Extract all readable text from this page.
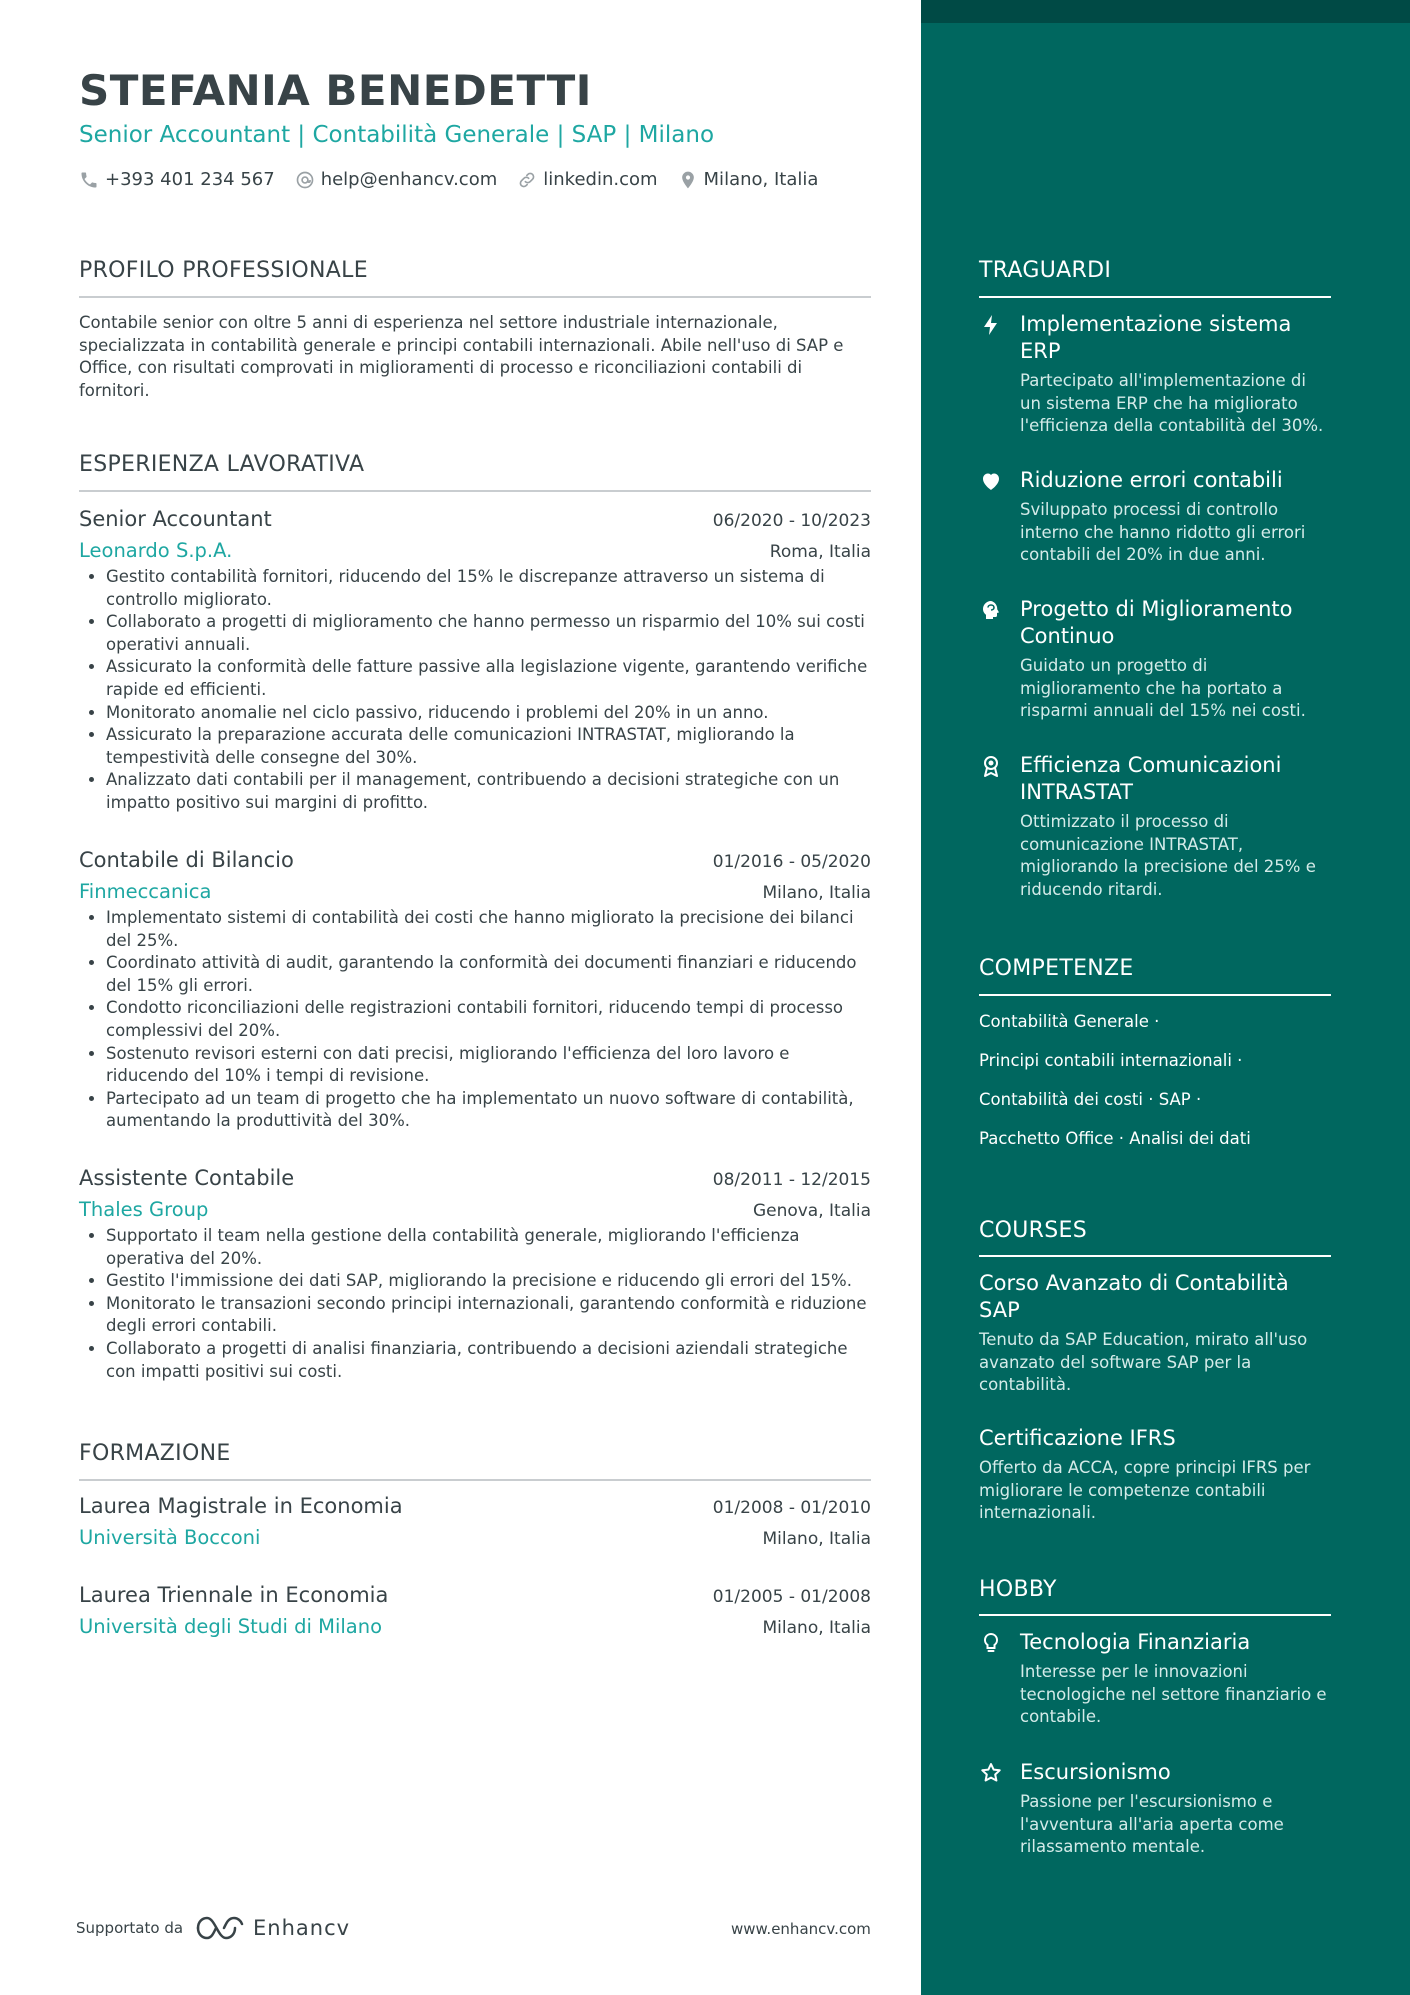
STEFANIA BENEDETTI
Senior Accountant | Contabilità Generale | SAP | Milano
+393 401 234 567	help@enhancv.com	linkedin.com	Milano, Italia
PROFILO PROFESSIONALE

Contabile senior con oltre 5 anni di esperienza nel settore industriale internazionale, specializzata in contabilità generale e principi contabili internazionali. Abile nell'uso di SAP e Office, con risultati comprovati in miglioramenti di processo e riconciliazioni contabili di fornitori.

ESPERIENZA LAVORATIVA
Senior Accountant	06/2020 - 10/2023
Leonardo S.p.A.	Roma, Italia
• Gestito contabilità fornitori, riducendo del 15% le discrepanze attraverso un sistema di controllo migliorato.
• Collaborato a progetti di miglioramento che hanno permesso un risparmio del 10% sui costi operativi annuali.
• Assicurato la conformità delle fatture passive alla legislazione vigente, garantendo verifiche rapide ed efficienti.
• Monitorato anomalie nel ciclo passivo, riducendo i problemi del 20% in un anno.
• Assicurato la preparazione accurata delle comunicazioni INTRASTAT, migliorando la tempestività delle consegne del 30%.
• Analizzato dati contabili per il management, contribuendo a decisioni strategiche con un impatto positivo sui margini di profitto.
Contabile di Bilancio	01/2016 - 05/2020
Finmeccanica	Milano, Italia
• Implementato sistemi di contabilità dei costi che hanno migliorato la precisione dei bilanci del 25%.
• Coordinato attività di audit, garantendo la conformità dei documenti finanziari e riducendo del 15% gli errori.
• Condotto riconciliazioni delle registrazioni contabili fornitori, riducendo tempi di processo complessivi del 20%.
• Sostenuto revisori esterni con dati precisi, migliorando l'efficienza del loro lavoro e riducendo del 10% i tempi di revisione.
• Partecipato ad un team di progetto che ha implementato un nuovo software di contabilità, aumentando la produttività del 30%.
Assistente Contabile	08/2011 - 12/2015
Thales Group	Genova, Italia
• Supportato il team nella gestione della contabilità generale, migliorando l'efficienza operativa del 20%.
• Gestito l'immissione dei dati SAP, migliorando la precisione e riducendo gli errori del 15%.
• Monitorato le transazioni secondo principi internazionali, garantendo conformità e riduzione degli errori contabili.
• Collaborato a progetti di analisi finanziaria, contribuendo a decisioni aziendali strategiche con impatti positivi sui costi.
FORMAZIONE
Laurea Magistrale in Economia	01/2008 - 01/2010
Università Bocconi	Milano, Italia
Laurea Triennale in Economia	01/2005 - 01/2008
Università degli Studi di Milano	Milano, Italia
Supportato da	Enhancv	www.enhancv.com
TRAGUARDI
Implementazione sistema ERP
Partecipato all'implementazione di un sistema ERP che ha migliorato l'efficienza della contabilità del 30%.
Riduzione errori contabili
Sviluppato processi di controllo interno che hanno ridotto gli errori contabili del 20% in due anni.
Progetto di Miglioramento Continuo
Guidato un progetto di miglioramento che ha portato a risparmi annuali del 15% nei costi.
Efficienza Comunicazioni INTRASTAT
Ottimizzato il processo di comunicazione INTRASTAT, migliorando la precisione del 25% e riducendo ritardi.
COMPETENZE
Contabilità Generale ·
Principi contabili internazionali ·
Contabilità dei costi · SAP ·
Pacchetto Office · Analisi dei dati
COURSES
Corso Avanzato di Contabilità SAP
Tenuto da SAP Education, mirato all'uso avanzato del software SAP per la contabilità.
Certificazione IFRS
Offerto da ACCA, copre principi IFRS per migliorare le competenze contabili internazionali.
HOBBY
Tecnologia Finanziaria
Interesse per le innovazioni tecnologiche nel settore finanziario e contabile.
Escursionismo
Passione per l'escursionismo e l'avventura all'aria aperta come rilassamento mentale.
